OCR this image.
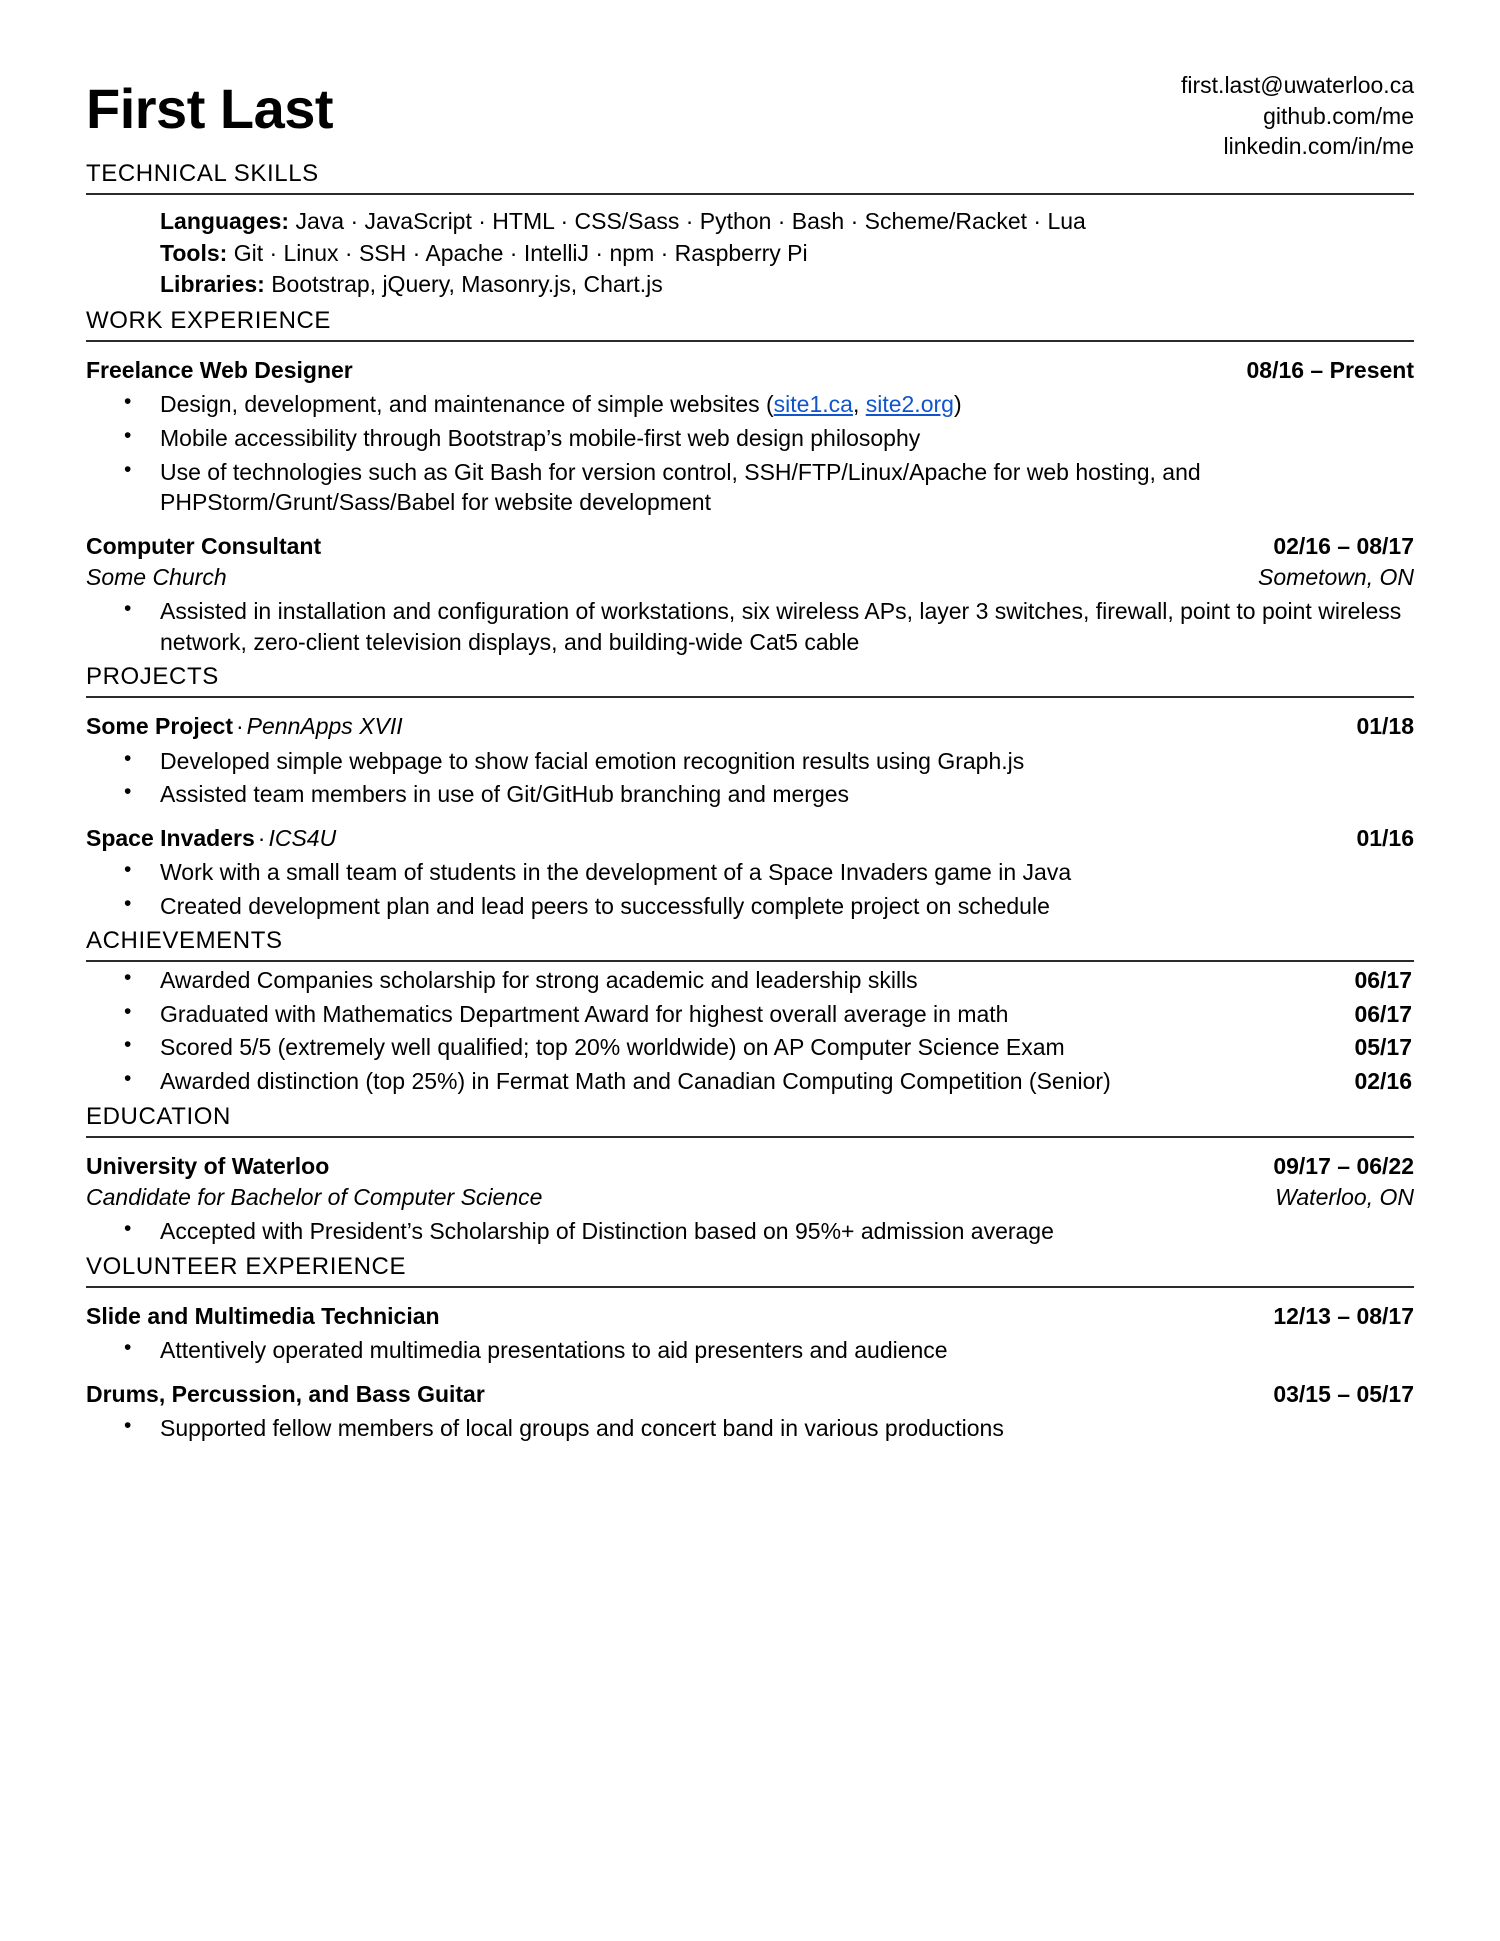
First Last	first.last@uwaterloo.ca
github.com/me
linkedin.com/in/me
TECHNICAL SKILLS
Languages: Java · JavaScript · HTML · CSS/Sass · Python · Bash · Scheme/Racket · Lua
Tools: Git · Linux · SSH · Apache · IntelliJ · npm · Raspberry Pi
Libraries: Bootstrap, jQuery, Masonry.js, Chart.js
WORK EXPERIENCE
Freelance Web Designer	08/16 – Present
• Design, development, and maintenance of simple websites (site1.ca, site2.org)
• Mobile accessibility through Bootstrap’s mobile-first web design philosophy
• Use of technologies such as Git Bash for version control, SSH/FTP/Linux/Apache for web hosting, and PHPStorm/Grunt/Sass/Babel for website development
Computer Consultant	02/16 – 08/17
Some Church	Sometown, ON
• Assisted in installation and configuration of workstations, six wireless APs, layer 3 switches, firewall, point to point wireless network, zero-client television displays, and building-wide Cat5 cable
PROJECTS
Some Project · PennApps XVII	01/18
• Developed simple webpage to show facial emotion recognition results using Graph.js
• Assisted team members in use of Git/GitHub branching and merges
Space Invaders · ICS4U	01/16
• Work with a small team of students in the development of a Space Invaders game in Java
• Created development plan and lead peers to successfully complete project on schedule
ACHIEVEMENTS
• Awarded Companies scholarship for strong academic and leadership skills	06/17
• Graduated with Mathematics Department Award for highest overall average in math	06/17
• Scored 5/5 (extremely well qualified; top 20% worldwide) on AP Computer Science Exam	05/17
• Awarded distinction (top 25%) in Fermat Math and Canadian Computing Competition (Senior)	02/16
EDUCATION
University of Waterloo	09/17 – 06/22
Candidate for Bachelor of Computer Science	Waterloo, ON
• Accepted with President’s Scholarship of Distinction based on 95%+ admission average
VOLUNTEER EXPERIENCE
Slide and Multimedia Technician	12/13 – 08/17
• Attentively operated multimedia presentations to aid presenters and audience
Drums, Percussion, and Bass Guitar	03/15 – 05/17
• Supported fellow members of local groups and concert band in various productions
